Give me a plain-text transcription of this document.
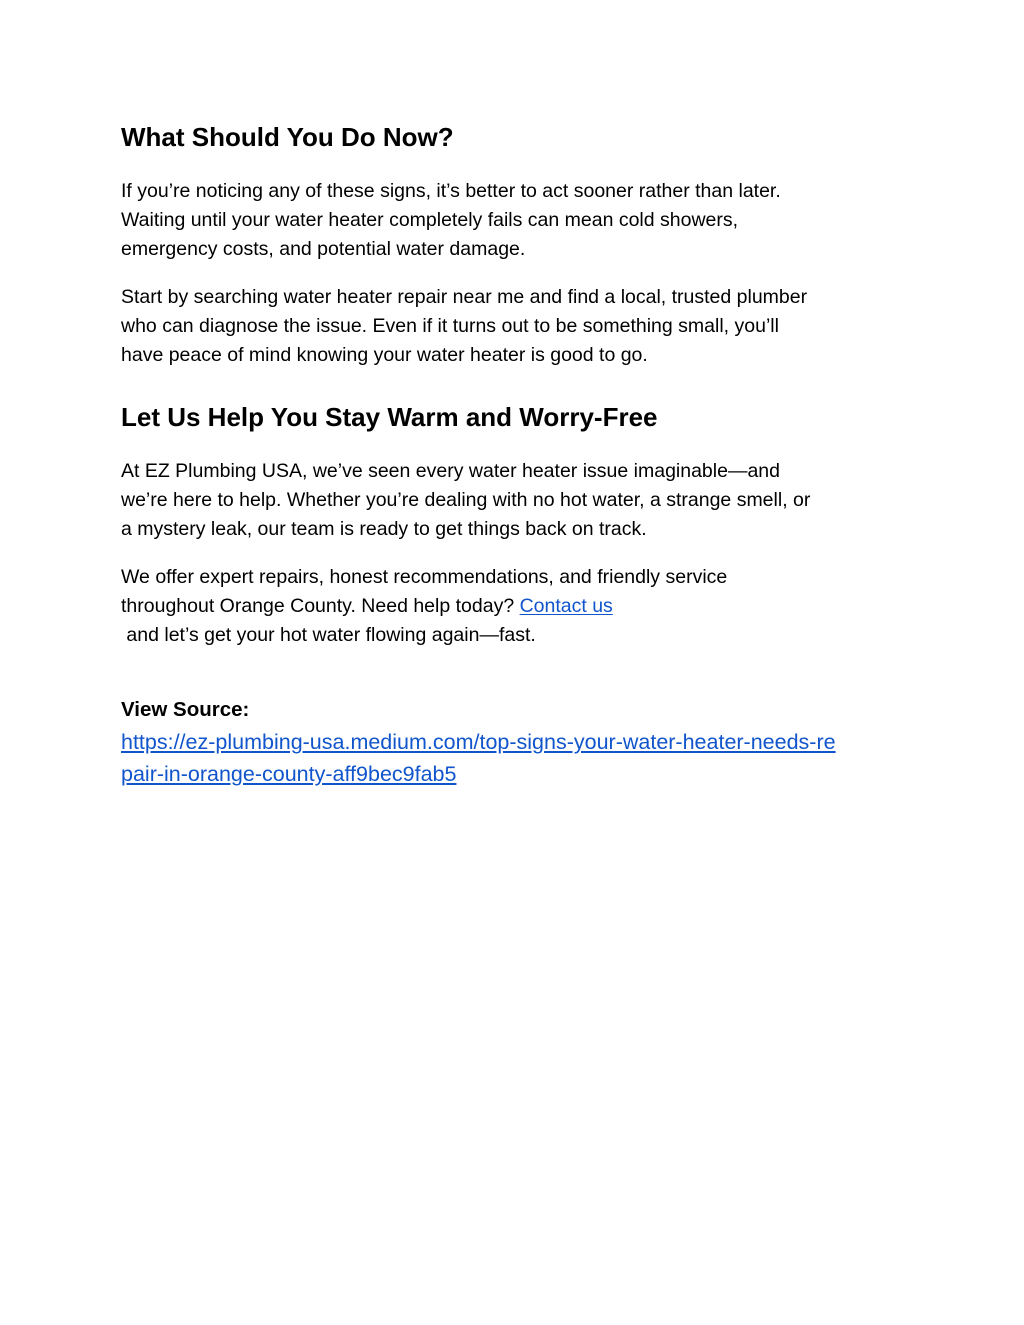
What Should You Do Now?

If you’re noticing any of these signs, it’s better to act sooner rather than later.
Waiting until your water heater completely fails can mean cold showers,
emergency costs, and potential water damage.

Start by searching water heater repair near me and find a local, trusted plumber
who can diagnose the issue. Even if it turns out to be something small, you’ll
have peace of mind knowing your water heater is good to go.

Let Us Help You Stay Warm and Worry-Free

At EZ Plumbing USA, we’ve seen every water heater issue imaginable—and
we’re here to help. Whether you’re dealing with no hot water, a strange smell, or
a mystery leak, our team is ready to get things back on track.

We offer expert repairs, honest recommendations, and friendly service
throughout Orange County. Need help today? Contact us
and let’s get your hot water flowing again—fast.

View Source:
https://ez-plumbing-usa.medium.com/top-signs-your-water-heater-needs-re
pair-in-orange-county-aff9bec9fab5
